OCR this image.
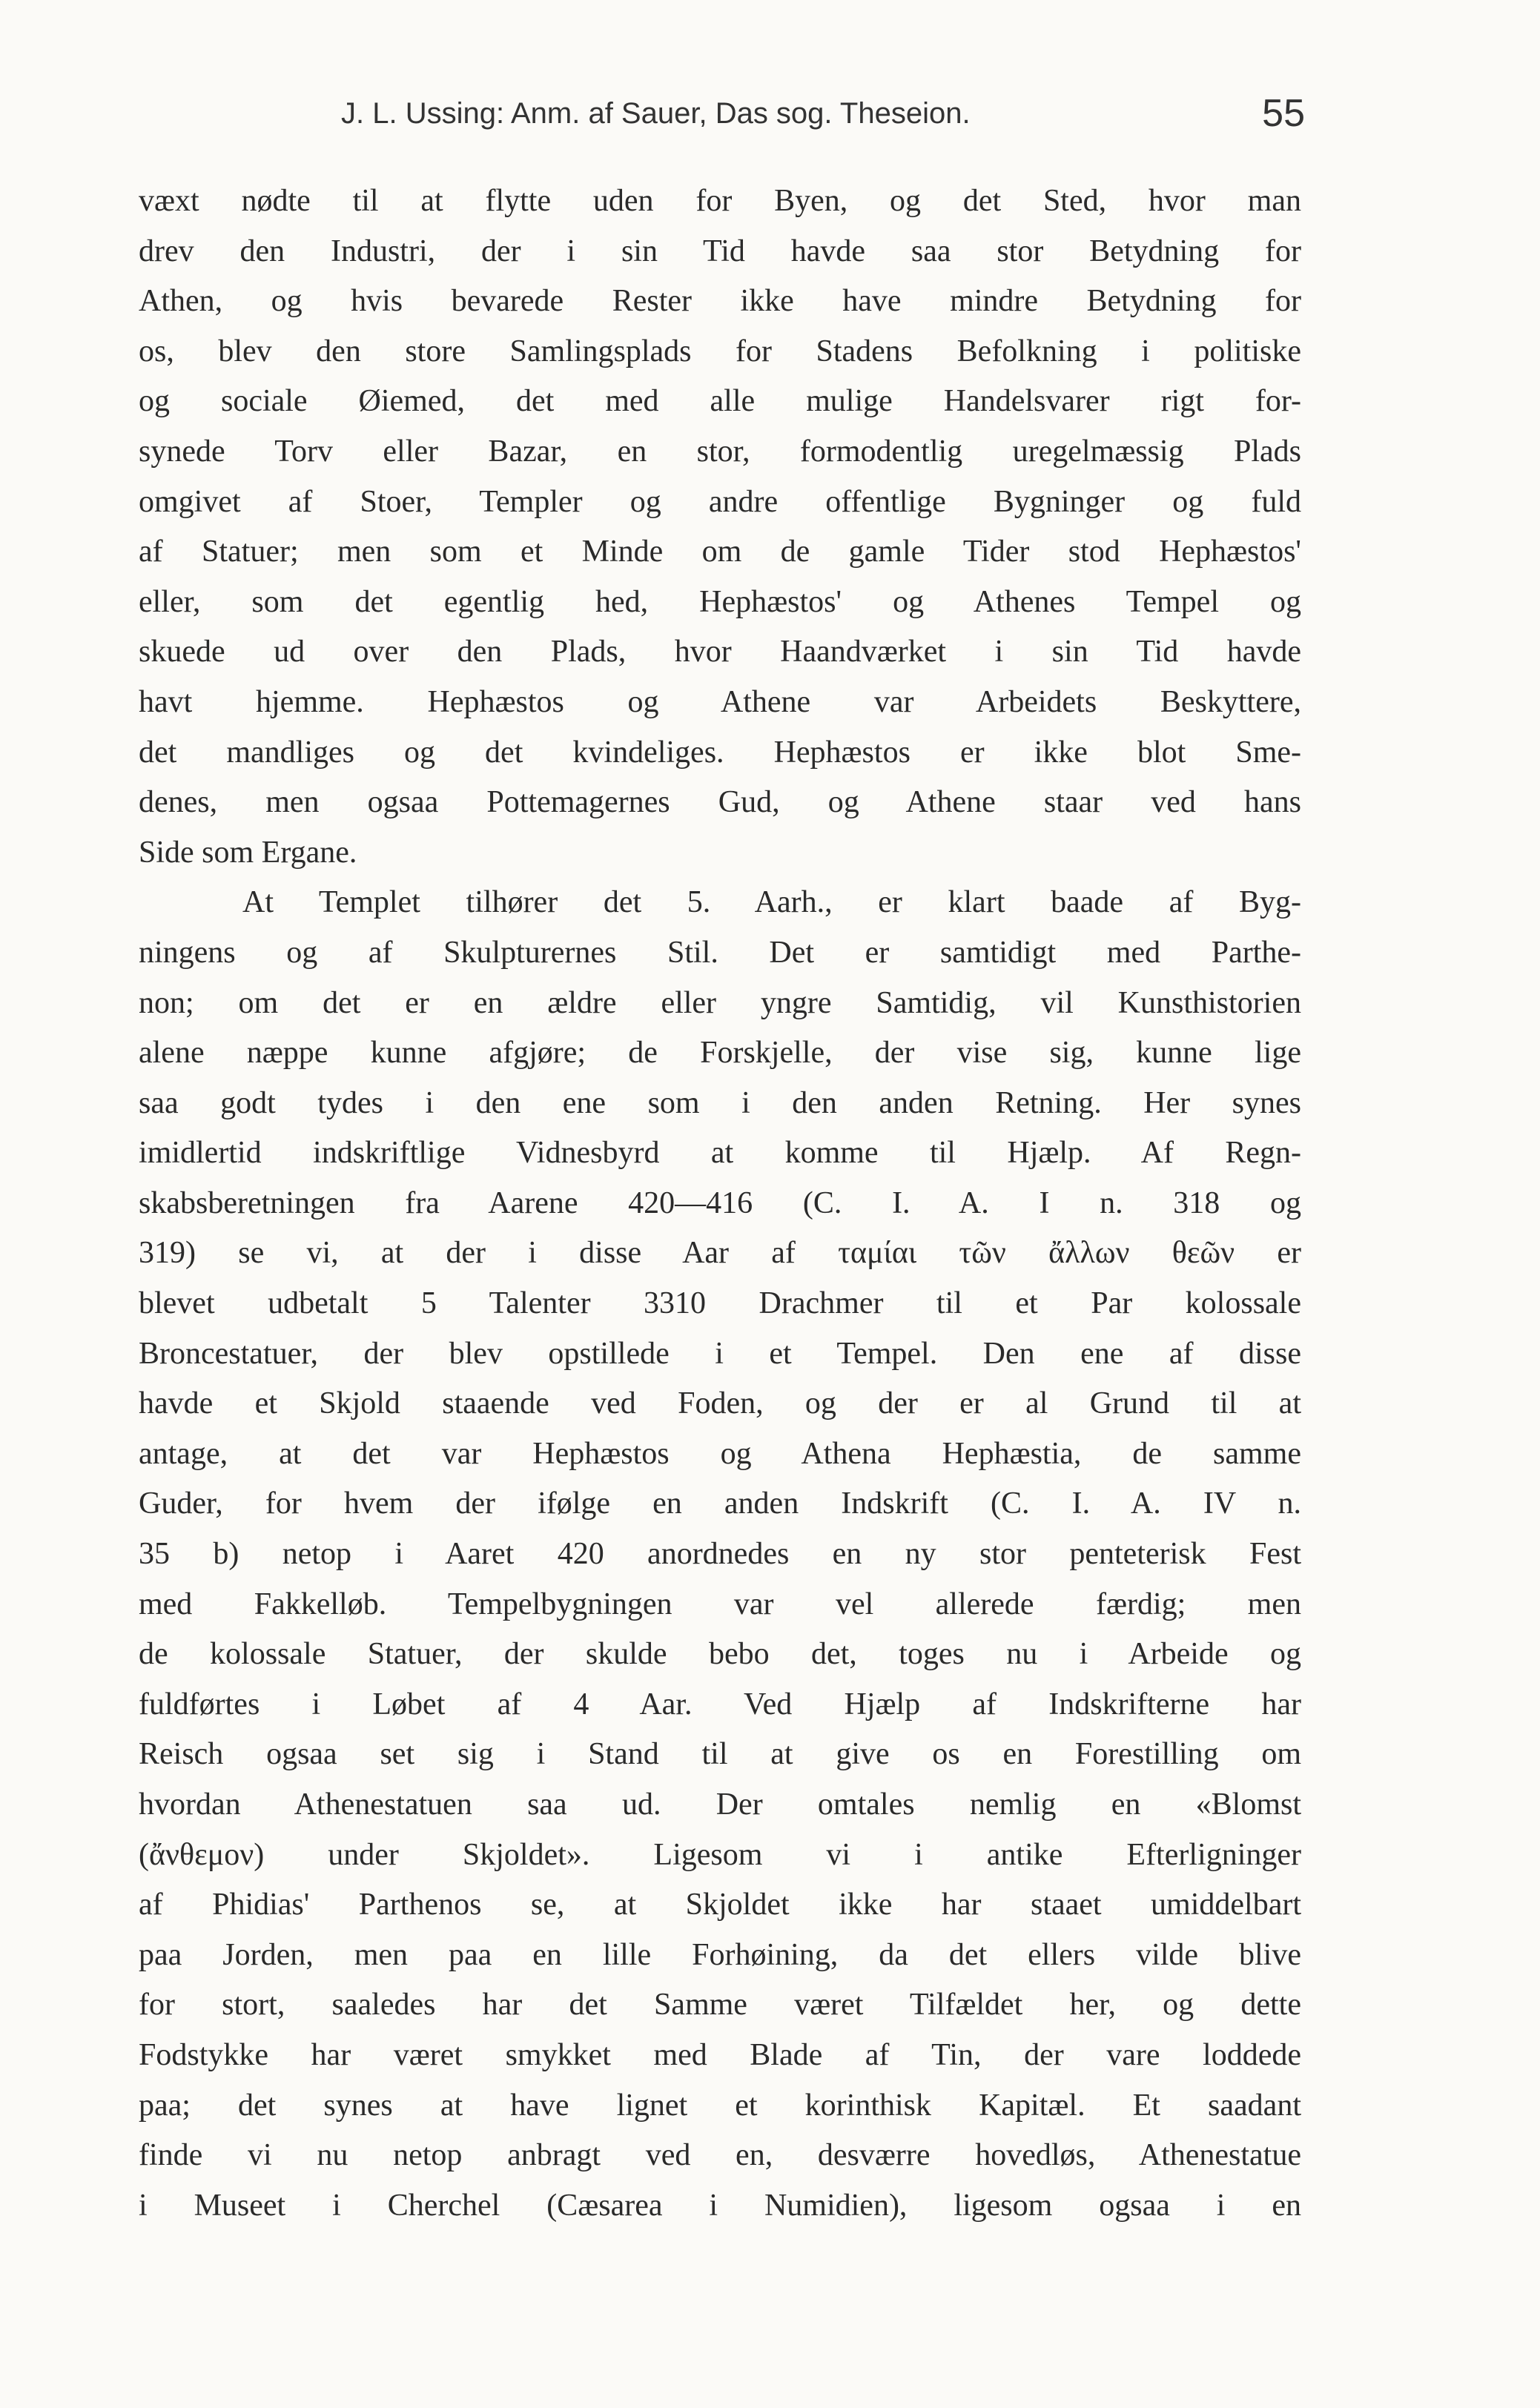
J. L. Ussing: Anm. af Sauer, Das sog. Theseion.	55
væxt nødte til at flytte uden for Byen, og det Sted, hvor man
drev den Industri, der i sin Tid havde saa stor Betydning for
Athen, og hvis bevarede Rester ikke have mindre Betydning for
os, blev den store Samlingsplads for Stadens Befolkning i politiske
og sociale Øiemed, det med alle mulige Handelsvarer rigt for-
synede Torv eller Bazar, en stor, formodentlig uregelmæssig Plads
omgivet af Stoer, Templer og andre offentlige Bygninger og fuld
af Statuer; men som et Minde om de gamle Tider stod Hephæstos'
eller, som det egentlig hed, Hephæstos' og Athenes Tempel og
skuede ud over den Plads, hvor Haandværket i sin Tid havde
havt hjemme. Hephæstos og Athene var Arbeidets Beskyttere,
det mandliges og det kvindeliges. Hephæstos er ikke blot Sme-
denes, men ogsaa Pottemagernes Gud, og Athene staar ved hans
Side som Ergane.
At Templet tilhører det 5. Aarh., er klart baade af Byg-
ningens og af Skulpturernes Stil. Det er samtidigt med Parthe-
non; om det er en ældre eller yngre Samtidig, vil Kunsthistorien
alene næppe kunne afgjøre; de Forskjelle, der vise sig, kunne lige
saa godt tydes i den ene som i den anden Retning. Her synes
imidlertid indskriftlige Vidnesbyrd at komme til Hjælp. Af Regn-
skabsberetningen fra Aarene 420—416 (C. I. A. I n. 318 og
319) se vi, at der i disse Aar af ταμίαι τῶν ἄλλων θεῶν er
blevet udbetalt 5 Talenter 3310 Drachmer til et Par kolossale
Broncestatuer, der blev opstillede i et Tempel. Den ene af disse
havde et Skjold staaende ved Foden, og der er al Grund til at
antage, at det var Hephæstos og Athena Hephæstia, de samme
Guder, for hvem der ifølge en anden Indskrift (C. I. A. IV n.
35 b) netop i Aaret 420 anordnedes en ny stor penteterisk Fest
med Fakkelløb. Tempelbygningen var vel allerede færdig; men
de kolossale Statuer, der skulde bebo det, toges nu i Arbeide og
fuldførtes i Løbet af 4 Aar. Ved Hjælp af Indskrifterne har
Reisch ogsaa set sig i Stand til at give os en Forestilling om
hvordan Athenestatuen saa ud. Der omtales nemlig en «Blomst
(ἄνθεμον) under Skjoldet». Ligesom vi i antike Efterligninger
af Phidias' Parthenos se, at Skjoldet ikke har staaet umiddelbart
paa Jorden, men paa en lille Forhøining, da det ellers vilde blive
for stort, saaledes har det Samme været Tilfældet her, og dette
Fodstykke har været smykket med Blade af Tin, der vare loddede
paa; det synes at have lignet et korinthisk Kapitæl. Et saadant
finde vi nu netop anbragt ved en, desværre hovedløs, Athenestatue
i Museet i Cherchel (Cæsarea i Numidien), ligesom ogsaa i en
